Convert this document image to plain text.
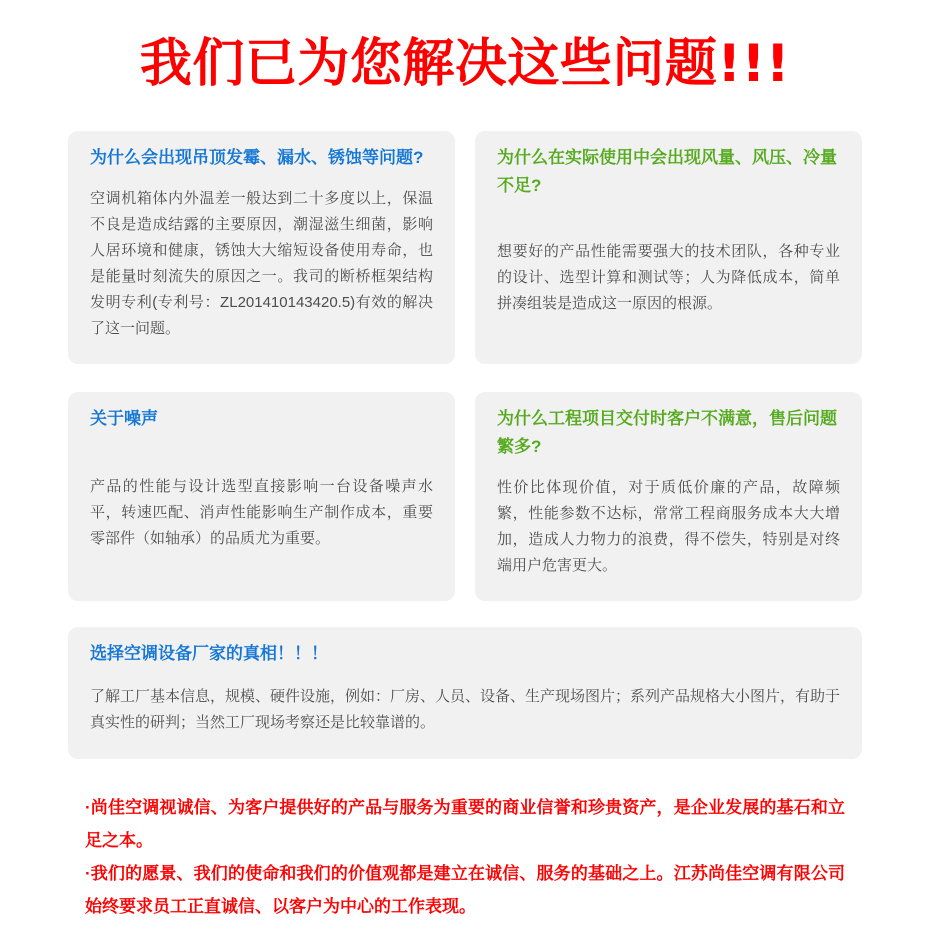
我们已为您解决这些问题!!!
为什么会出现吊顶发霉、漏水、锈蚀等问题?

空调机箱体内外温差一般达到二十多度以上，保温不良是造成结露的主要原因，潮湿滋生细菌，影响人居环境和健康，锈蚀大大缩短设备使用寿命，也是能量时刻流失的原因之一。我司的断桥框架结构发明专利(专利号：ZL201410143420.5)有效的解决了这一问题。

为什么在实际使用中会出现风量、风压、冷量不足?

想要好的产品性能需要强大的技术团队，各种专业的设计、选型计算和测试等；人为降低成本，简单拼凑组装是造成这一原因的根源。

关于噪声

产品的性能与设计选型直接影响一台设备噪声水平，转速匹配、消声性能影响生产制作成本，重要零部件（如轴承）的品质尤为重要。

为什么工程项目交付时客户不满意，售后问题繁多?

性价比体现价值，对于质低价廉的产品，故障频繁，性能参数不达标，常常工程商服务成本大大增加，造成人力物力的浪费，得不偿失，特别是对终端用户危害更大。

选择空调设备厂家的真相！！！

了解工厂基本信息，规模、硬件设施，例如：厂房、人员、设备、生产现场图片；系列产品规格大小图片，有助于真实性的研判；当然工厂现场考察还是比较靠谱的。

·尚佳空调视诚信、为客户提供好的产品与服务为重要的商业信誉和珍贵资产，是企业发展的基石和立足之本。

·我们的愿景、我们的使命和我们的价值观都是建立在诚信、服务的基础之上。江苏尚佳空调有限公司始终要求员工正直诚信、以客户为中心的工作表现。
